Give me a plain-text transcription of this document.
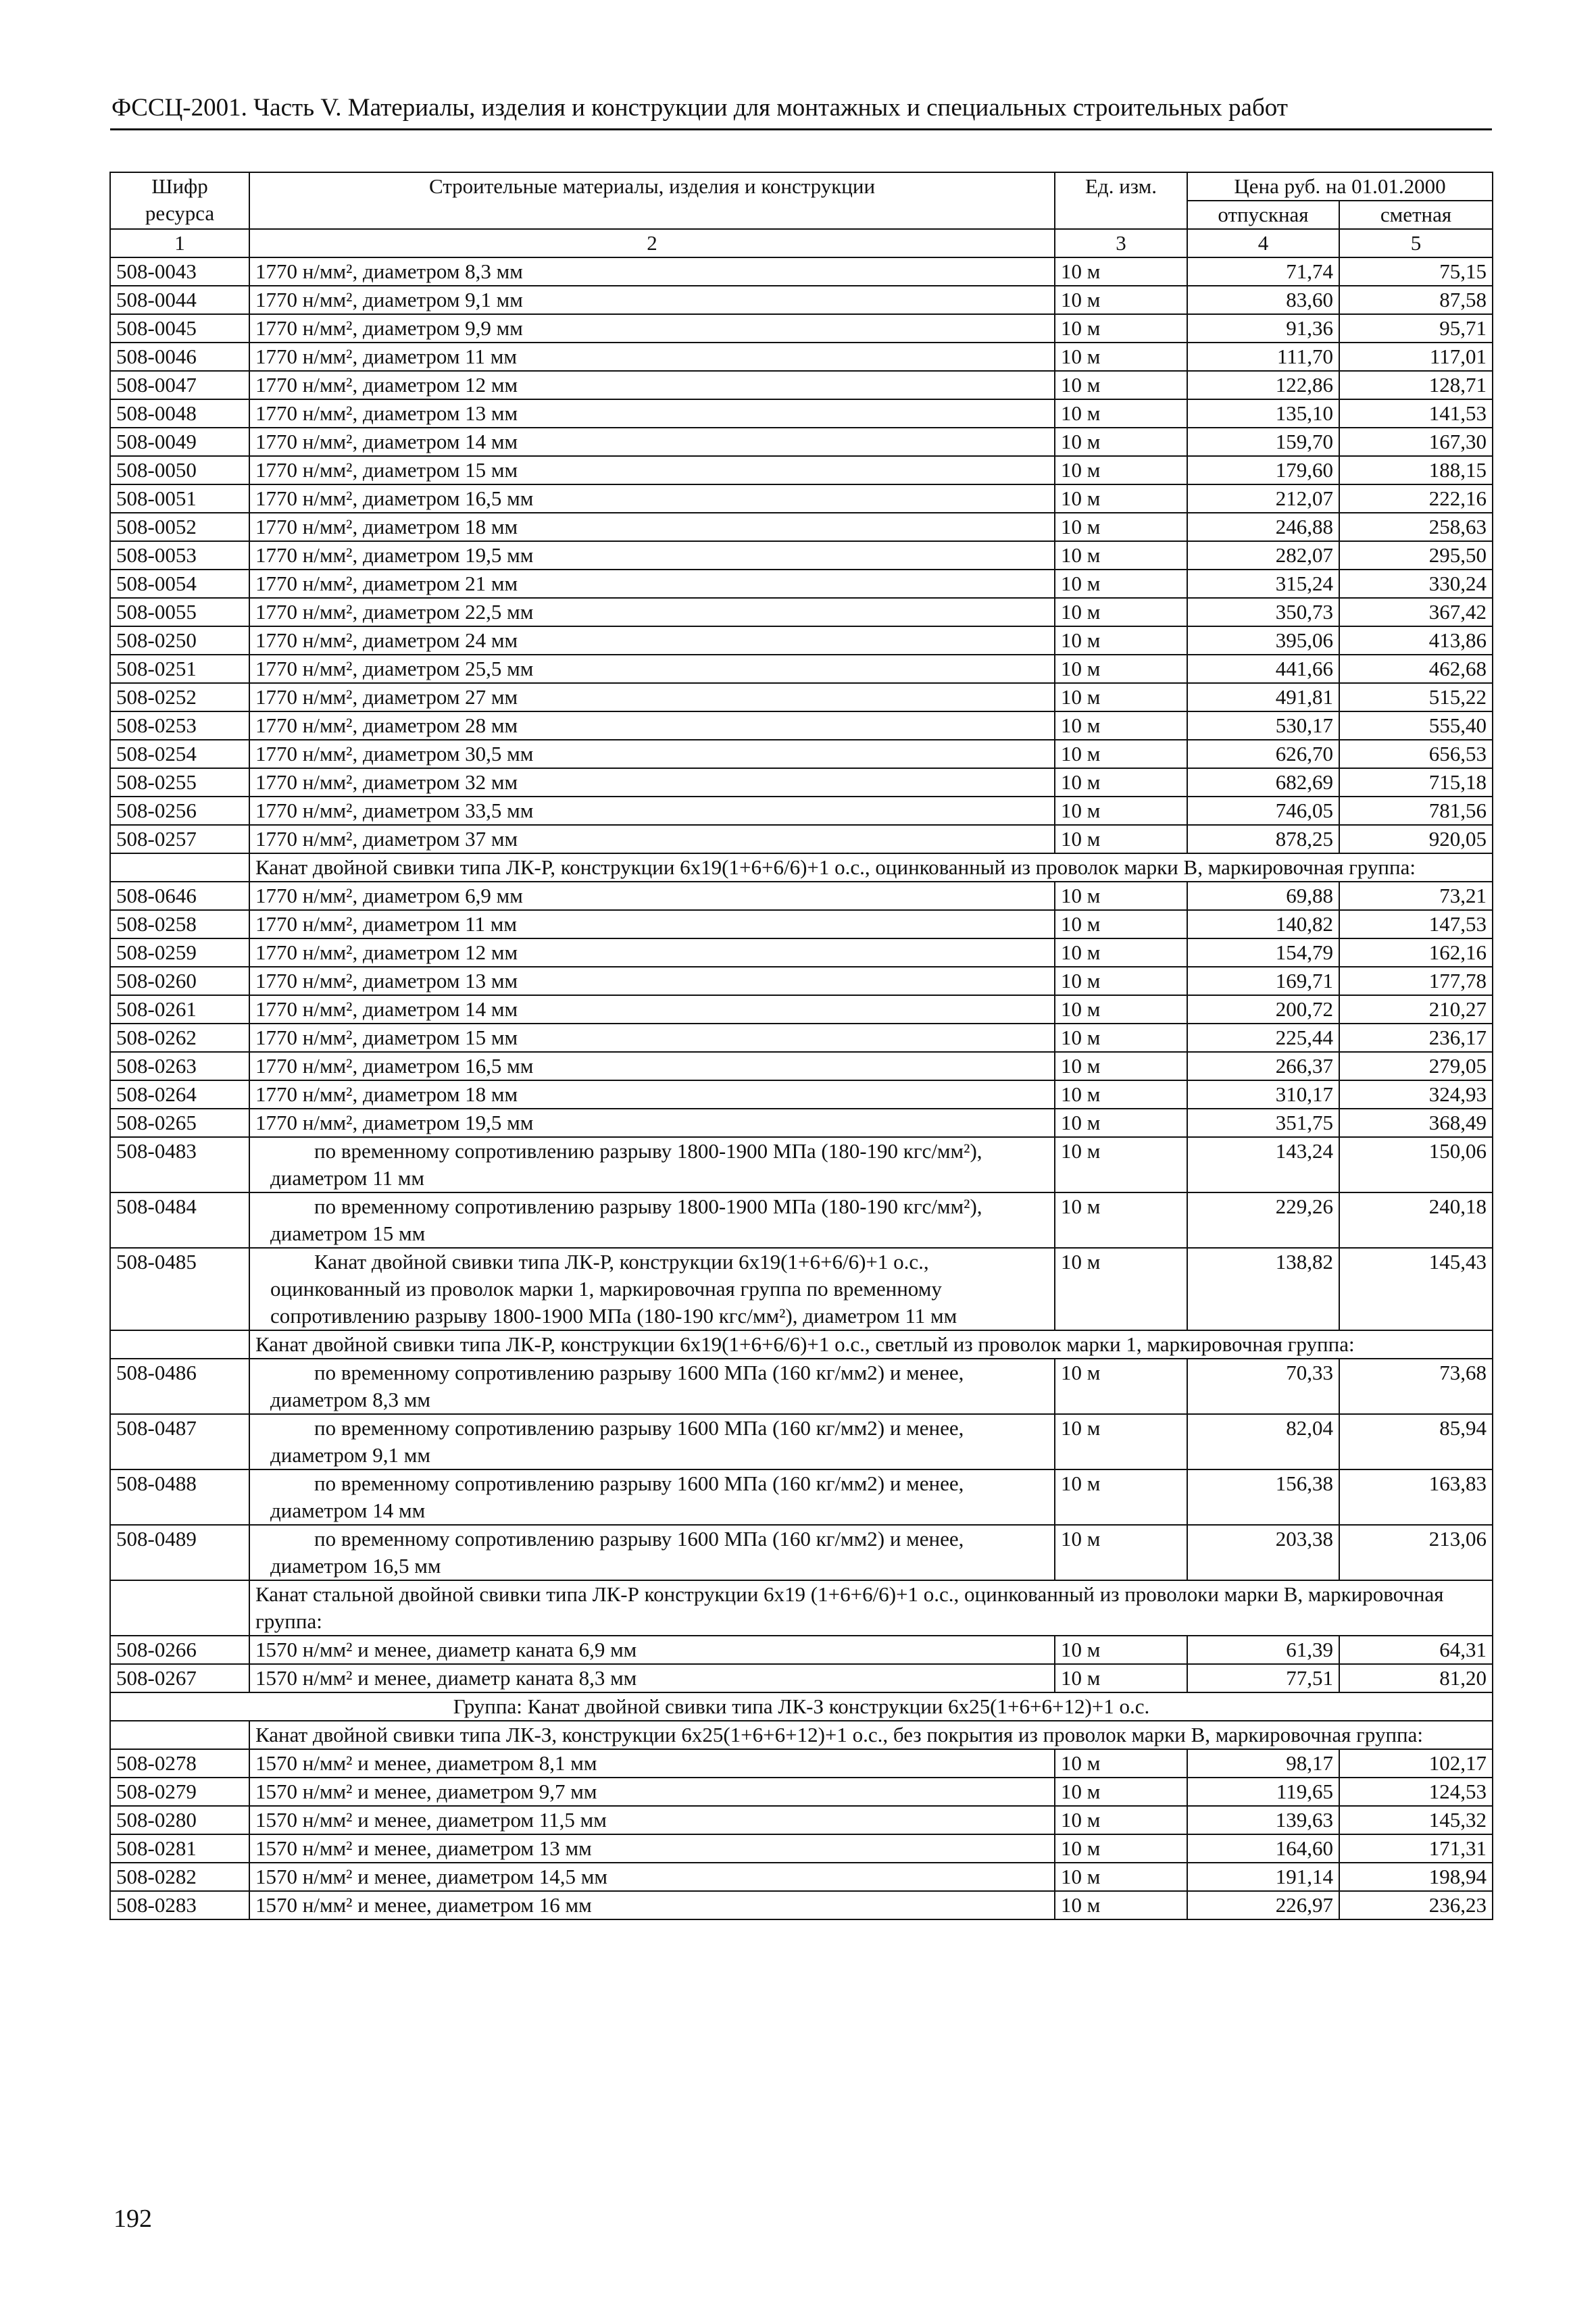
ФССЦ-2001. Часть V. Материалы, изделия и конструкции для монтажных и специальных строительных работ
Шифр ресурса	Строительные материалы, изделия и конструкции	Ед. изм.	Цена руб. на 01.01.2000	
			отпускная	сметная
1	2	3	4	5
508-0043	1770 н/мм², диаметром 8,3 мм	10 м	71,74	75,15
508-0044	1770 н/мм², диаметром 9,1 мм	10 м	83,60	87,58
508-0045	1770 н/мм², диаметром 9,9 мм	10 м	91,36	95,71
508-0046	1770 н/мм², диаметром 11 мм	10 м	111,70	117,01
508-0047	1770 н/мм², диаметром 12 мм	10 м	122,86	128,71
508-0048	1770 н/мм², диаметром 13 мм	10 м	135,10	141,53
508-0049	1770 н/мм², диаметром 14 мм	10 м	159,70	167,30
508-0050	1770 н/мм², диаметром 15 мм	10 м	179,60	188,15
508-0051	1770 н/мм², диаметром 16,5 мм	10 м	212,07	222,16
508-0052	1770 н/мм², диаметром 18 мм	10 м	246,88	258,63
508-0053	1770 н/мм², диаметром 19,5 мм	10 м	282,07	295,50
508-0054	1770 н/мм², диаметром 21 мм	10 м	315,24	330,24
508-0055	1770 н/мм², диаметром 22,5 мм	10 м	350,73	367,42
508-0250	1770 н/мм², диаметром 24 мм	10 м	395,06	413,86
508-0251	1770 н/мм², диаметром 25,5 мм	10 м	441,66	462,68
508-0252	1770 н/мм², диаметром 27 мм	10 м	491,81	515,22
508-0253	1770 н/мм², диаметром 28 мм	10 м	530,17	555,40
508-0254	1770 н/мм², диаметром 30,5 мм	10 м	626,70	656,53
508-0255	1770 н/мм², диаметром 32 мм	10 м	682,69	715,18
508-0256	1770 н/мм², диаметром 33,5 мм	10 м	746,05	781,56
508-0257	1770 н/мм², диаметром 37 мм	10 м	878,25	920,05
	Канат двойной свивки типа ЛК-Р, конструкции 6x19(1+6+6/6)+1 о.с., оцинкованный из проволок марки В, маркировочная группа:			
508-0646	1770 н/мм², диаметром 6,9 мм	10 м	69,88	73,21
508-0258	1770 н/мм², диаметром 11 мм	10 м	140,82	147,53
508-0259	1770 н/мм², диаметром 12 мм	10 м	154,79	162,16
508-0260	1770 н/мм², диаметром 13 мм	10 м	169,71	177,78
508-0261	1770 н/мм², диаметром 14 мм	10 м	200,72	210,27
508-0262	1770 н/мм², диаметром 15 мм	10 м	225,44	236,17
508-0263	1770 н/мм², диаметром 16,5 мм	10 м	266,37	279,05
508-0264	1770 н/мм², диаметром 18 мм	10 м	310,17	324,93
508-0265	1770 н/мм², диаметром 19,5 мм	10 м	351,75	368,49
508-0483	по временному сопротивлению разрыву 1800-1900 МПа (180-190 кгс/мм²), диаметром 11 мм	10 м	143,24	150,06
508-0484	по временному сопротивлению разрыву 1800-1900 МПа (180-190 кгс/мм²), диаметром 15 мм	10 м	229,26	240,18
508-0485	Канат двойной свивки типа ЛК-Р, конструкции 6x19(1+6+6/6)+1 о.с., оцинкованный из проволок марки 1, маркировочная группа по временному сопротивлению разрыву 1800-1900 МПа (180-190 кгс/мм²), диаметром 11 мм	10 м	138,82	145,43
	Канат двойной свивки типа ЛК-Р, конструкции 6x19(1+6+6/6)+1 о.с., светлый из проволок марки 1, маркировочная группа:			
508-0486	по временному сопротивлению разрыву 1600 МПа (160 кг/мм2) и менее, диаметром 8,3 мм	10 м	70,33	73,68
508-0487	по временному сопротивлению разрыву 1600 МПа (160 кг/мм2) и менее, диаметром 9,1 мм	10 м	82,04	85,94
508-0488	по временному сопротивлению разрыву 1600 МПа (160 кг/мм2) и менее, диаметром 14 мм	10 м	156,38	163,83
508-0489	по временному сопротивлению разрыву 1600 МПа (160 кг/мм2) и менее, диаметром 16,5 мм	10 м	203,38	213,06
	Канат стальной двойной свивки типа ЛК-Р конструкции 6x19 (1+6+6/6)+1 о.с., оцинкованный из проволоки марки В, маркировочная группа:			
508-0266	1570 н/мм² и менее, диаметр каната 6,9 мм	10 м	61,39	64,31
508-0267	1570 н/мм² и менее, диаметр каната 8,3 мм	10 м	77,51	81,20
Группа: Канат двойной свивки типа ЛК-З конструкции 6x25(1+6+6+12)+1 о.с.				
	Канат двойной свивки типа ЛК-З, конструкции 6x25(1+6+6+12)+1 о.с., без покрытия из проволок марки В, маркировочная группа:			
508-0278	1570 н/мм² и менее, диаметром 8,1 мм	10 м	98,17	102,17
508-0279	1570 н/мм² и менее, диаметром 9,7 мм	10 м	119,65	124,53
508-0280	1570 н/мм² и менее, диаметром 11,5 мм	10 м	139,63	145,32
508-0281	1570 н/мм² и менее, диаметром 13 мм	10 м	164,60	171,31
508-0282	1570 н/мм² и менее, диаметром 14,5 мм	10 м	191,14	198,94
508-0283	1570 н/мм² и менее, диаметром 16 мм	10 м	226,97	236,23
192
